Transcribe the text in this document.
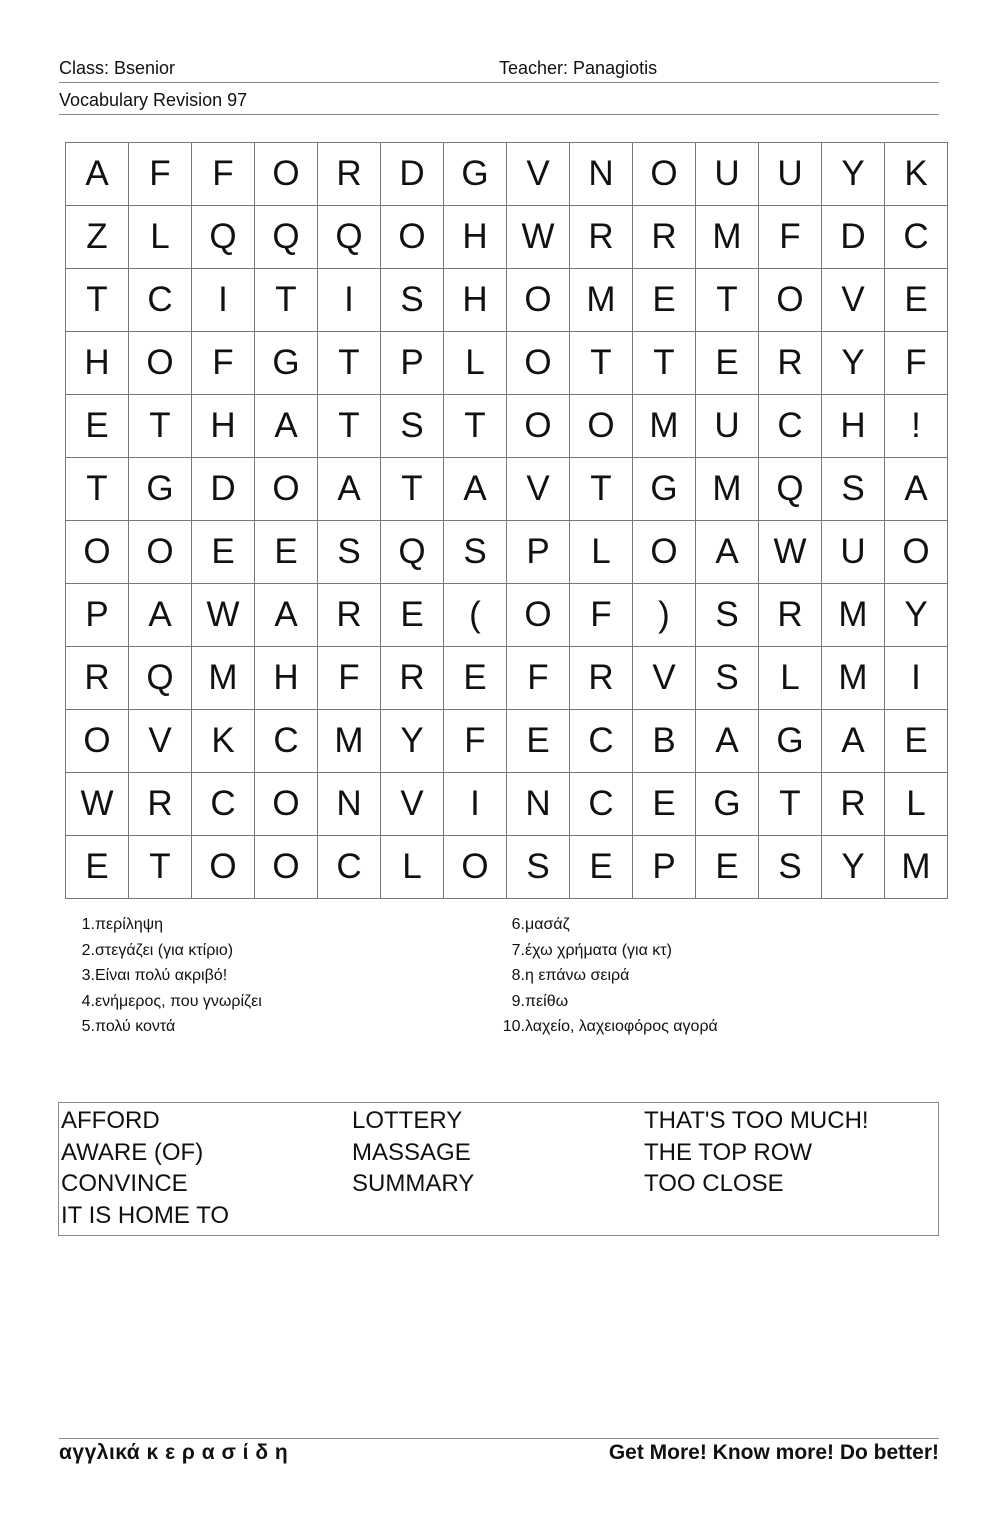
Class: Bsenior	Teacher: Panagiotis
Vocabulary Revision 97
A	F	F	O	R	D	G	V	N	O	U	U	Y	K
Z	L	Q	Q	Q	O	H	W	R	R	M	F	D	C
T	C	I	T	I	S	H	O	M	E	T	O	V	E
H	O	F	G	T	P	L	O	T	T	E	R	Y	F
E	T	H	A	T	S	T	O	O	M	U	C	H	!
T	G	D	O	A	T	A	V	T	G	M	Q	S	A
O	O	E	E	S	Q	S	P	L	O	A	W	U	O
P	A	W	A	R	E	(	O	F	)	S	R	M	Y
R	Q	M	H	F	R	E	F	R	V	S	L	M	I
O	V	K	C	M	Y	F	E	C	B	A	G	A	E
W	R	C	O	N	V	I	N	C	E	G	T	R	L
E	T	O	O	C	L	O	S	E	P	E	S	Y	M
1. περίληψη
2. στεγάζει (για κτίριο)
3. Είναι πολύ ακριβό!
4. ενήμερος, που γνωρίζει
5. πολύ κοντά
6. μασάζ
7. έχω χρήματα (για κτ)
8. η επάνω σειρά
9. πείθω
10. λαχείο, λαχειοφόρος αγορά
AFFORD
AWARE (OF)
CONVINCE
IT IS HOME TO
LOTTERY
MASSAGE
SUMMARY
THAT'S TOO MUCH!
THE TOP ROW
TOO CLOSE
αγγλικά κ ε ρ α σ ί δ η	Get More! Know more! Do better!
